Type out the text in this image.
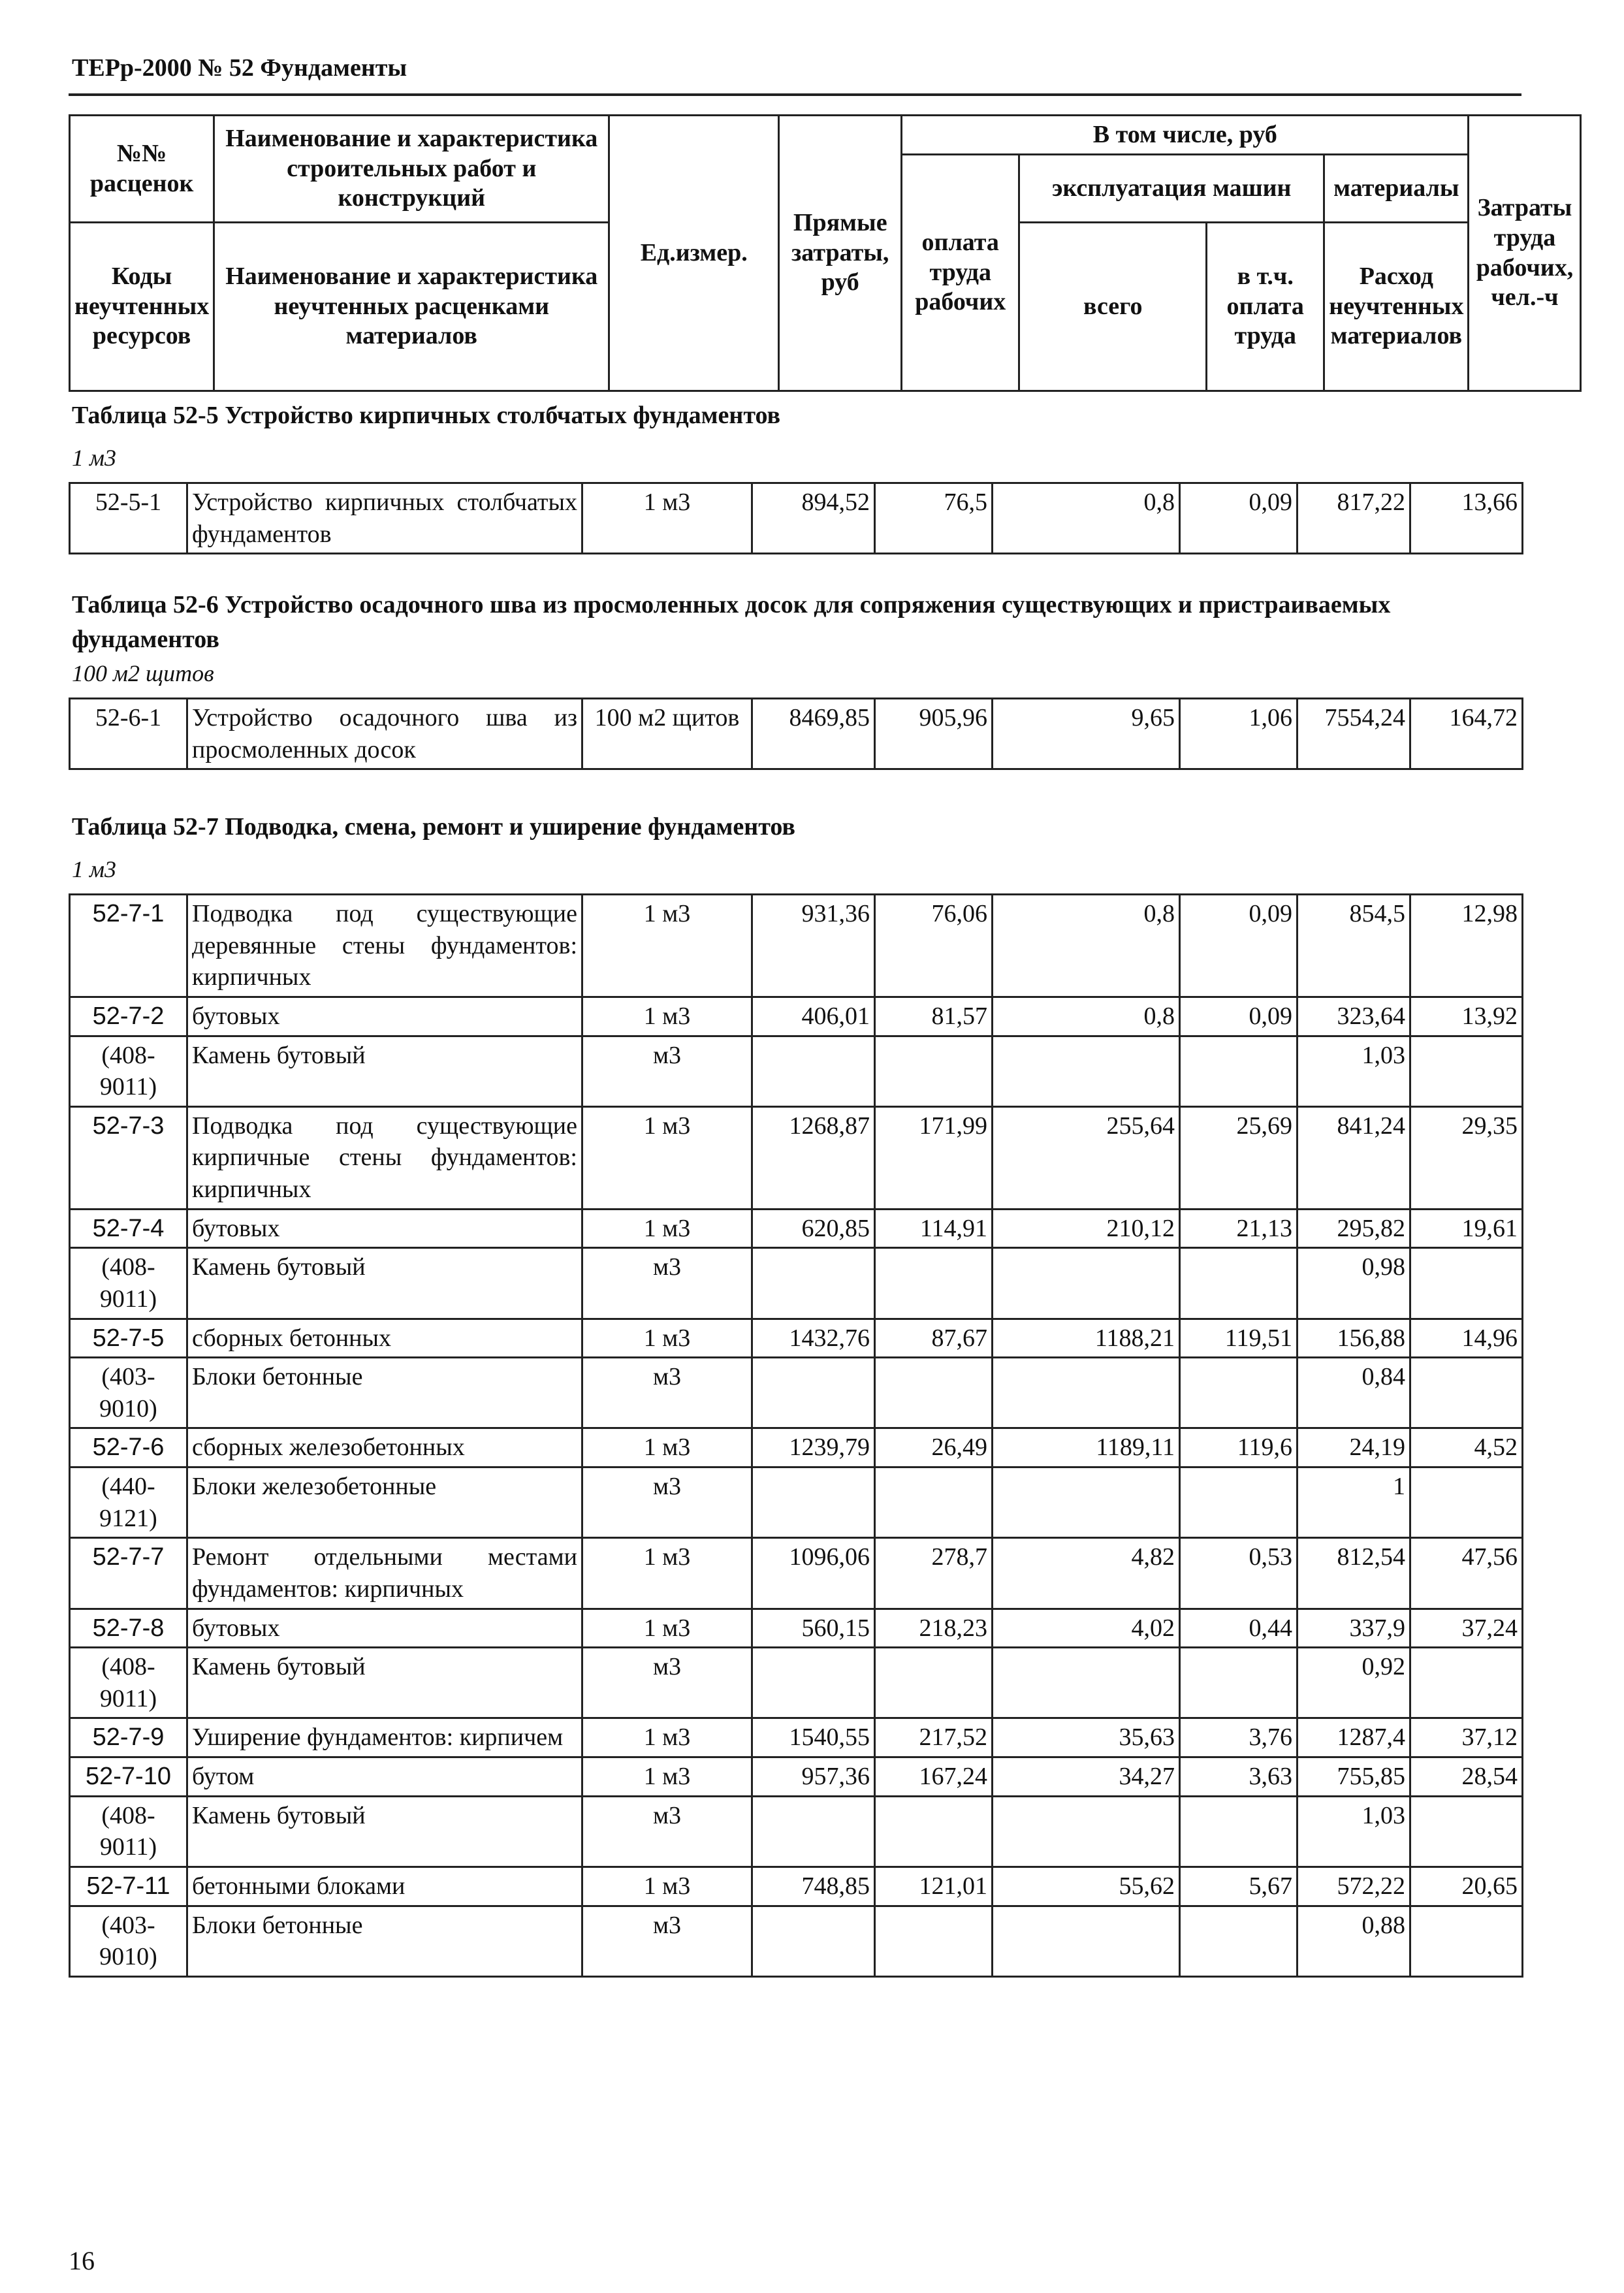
ТЕРр-2000 № 52 Фундаменты
№№ расценок	Наименование и характеристика строительных работ и конструкций	Ед.измер.	Прямые затраты, руб	В том числе, руб				Затраты труда рабочих, чел.-ч
				оплата труда рабочих	эксплуатация машин		материалы	
Коды неучтенных ресурсов	Наименование и характеристика неучтенных расценками материалов				всего	в т.ч. оплата труда	Расход неучтенных материалов	

Таблица 52-5 Устройство кирпичных столбчатых фундаментов
1 м3
52-5-1	Устройство кирпичных столбчатых фундаментов	1 м3	894,52	76,5	0,8	0,09	817,22	13,66
Таблица 52-6 Устройство осадочного шва из просмоленных досок для сопряжения существующих и пристраиваемых фундаментов
100 м2 щитов
52-6-1	Устройство осадочного шва из просмоленных досок	100 м2 щитов	8469,85	905,96	9,65	1,06	7554,24	164,72
Таблица 52-7 Подводка, смена, ремонт и уширение фундаментов
1 м3
52-7-1	Подводка под существующие деревянные стены фундаментов: кирпичных	1 м3	931,36	76,06	0,8	0,09	854,5	12,98
52-7-2	бутовых	1 м3	406,01	81,57	0,8	0,09	323,64	13,92
(408-9011)	Камень бутовый	м3					1,03	
52-7-3	Подводка под существующие кирпичные стены фундаментов: кирпичных	1 м3	1268,87	171,99	255,64	25,69	841,24	29,35
52-7-4	бутовых	1 м3	620,85	114,91	210,12	21,13	295,82	19,61
(408-9011)	Камень бутовый	м3					0,98	
52-7-5	сборных бетонных	1 м3	1432,76	87,67	1188,21	119,51	156,88	14,96
(403-9010)	Блоки бетонные	м3					0,84	
52-7-6	сборных железобетонных	1 м3	1239,79	26,49	1189,11	119,6	24,19	4,52
(440-9121)	Блоки железобетонные	м3					1	
52-7-7	Ремонт отдельными местами фундаментов: кирпичных	1 м3	1096,06	278,7	4,82	0,53	812,54	47,56
52-7-8	бутовых	1 м3	560,15	218,23	4,02	0,44	337,9	37,24
(408-9011)	Камень бутовый	м3					0,92	
52-7-9	Уширение фундаментов: кирпичем	1 м3	1540,55	217,52	35,63	3,76	1287,4	37,12
52-7-10	бутом	1 м3	957,36	167,24	34,27	3,63	755,85	28,54
(408-9011)	Камень бутовый	м3					1,03	
52-7-11	бетонными блоками	1 м3	748,85	121,01	55,62	5,67	572,22	20,65
(403-9010)	Блоки бетонные	м3					0,88	
16
